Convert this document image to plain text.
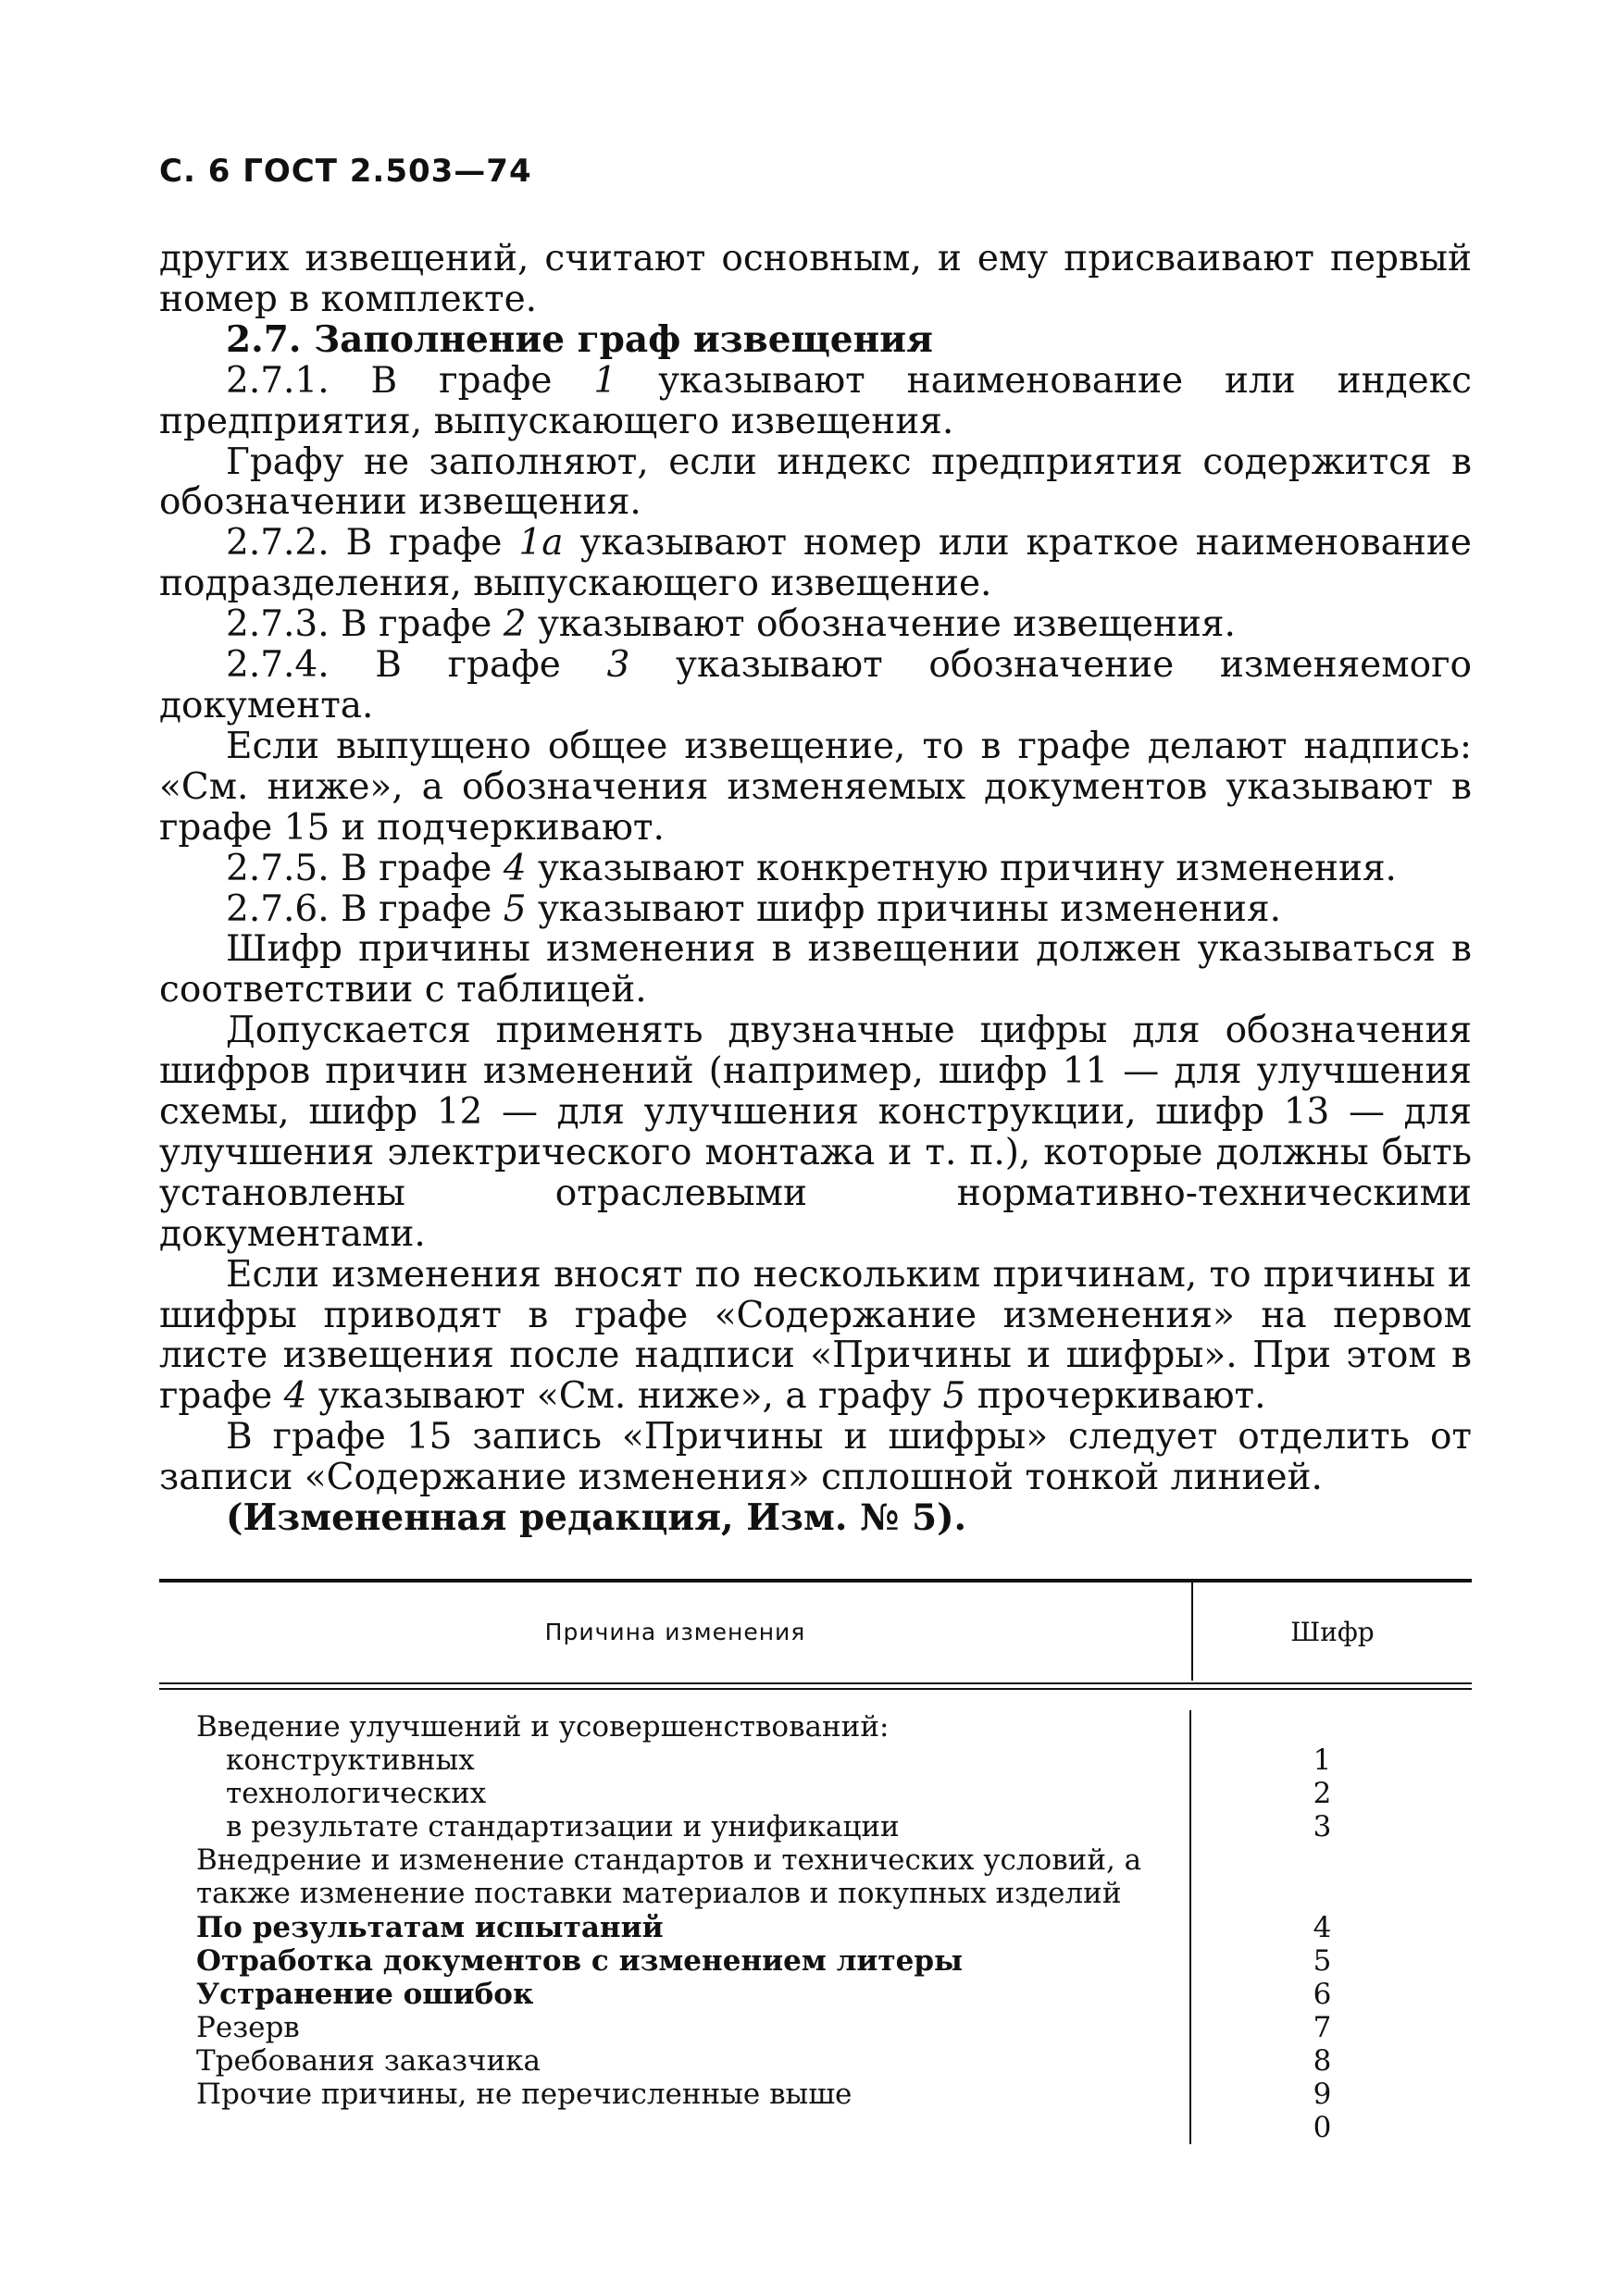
С. 6 ГОСТ 2.503—74

других извещений, считают основным, и ему присваивают первый номер в комплекте.

2.7. Заполнение граф извещения

2.7.1. В графе 1 указывают наименование или индекс предприятия, выпускающего извещения.

Графу не заполняют, если индекс предприятия содержится в обозначении извещения.

2.7.2. В графе 1а указывают номер или краткое наименование подразделения, выпускающего извещение.

2.7.3. В графе 2 указывают обозначение извещения.

2.7.4. В графе 3 указывают обозначение изменяемого документа.

Если выпущено общее извещение, то в графе делают надпись: «См. ниже», а обозначения изменяемых документов указывают в графе 15 и подчеркивают.

2.7.5. В графе 4 указывают конкретную причину изменения.

2.7.6. В графе 5 указывают шифр причины изменения.

Шифр причины изменения в извещении должен указываться в соответствии с таблицей.

Допускается применять двузначные цифры для обозначения шифров причин изменений (например, шифр 11 — для улучшения схемы, шифр 12 — для улучшения конструкции, шифр 13 — для улучшения электрического монтажа и т. п.), которые должны быть установлены отраслевыми нормативно-техническими документами.

Если изменения вносят по нескольким причинам, то причины и шифры приводят в графе «Содержание изменения» на первом листе извещения после надписи «Причины и шифры». При этом в графе 4 указывают «См. ниже», а графу 5 прочеркивают.

В графе 15 запись «Причины и шифры» следует отделить от записи «Содержание изменения» сплошной тонкой линией.

(Измененная редакция, Изм. № 5).

Причина изменения	Шифр
Введение улучшений и усовершенствований:
конструктивных
технологических
в результате стандартизации и унификации
Внедрение и изменение стандартов и технических условий, а также изменение поставки материалов и покупных изделий
По результатам испытаний
Отработка документов с изменением литеры
Устранение ошибок
Резерв
Требования заказчика
Прочие причины, не перечисленные выше
1
2
3
4
5
6
7
8
9
0
